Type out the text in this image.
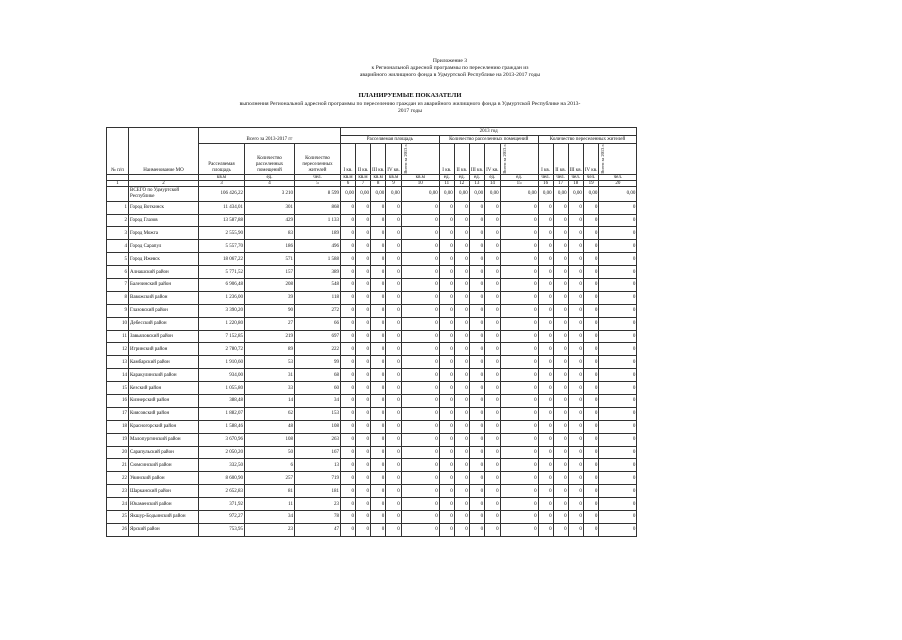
Приложение 3
к Региональной адресной программы по переселению граждан из
аварийного жилищного фонда в Удмуртской Республике на 2013-2017 годы
ПЛАНИРУЕМЫЕ ПОКАЗАТЕЛИ
выполнения Региональной адресной программы по переселению граждан из аварийного жилищного фонда в Удмуртской Республике на 2013-
2017 годы
№ п/п	Наименование МО	Всего за 2013-2017 гг			2013 год														
					Расселяемая площадь					Количество расселенных помещений					Количество переселенных жителей				
		Расселяемая площадь	Количество расселенных помещений	Количество переселенных жителей	I кв.	II кв.	III кв.	IV кв.	Всего за 2013 г.	I кв.	II кв.	III кв.	IV кв.	Всего за 2013 г.	I кв.	II кв.	III кв.	IV кв.	Всего за 2013 г.

		кв.м	ед.	чел.	кв.м	кв.м	кв.м	кв.м	кв.м	ед.	ед.	ед.	ед.	ед.	чел.	чел.	чел.	чел.	чел.
1	2	3	4	5	6	7	8	9	10	11	12	13	14	15	16	17	18	19	20
	ВСЕГО по Удмуртской Республике	106 426,22	3 210	8 599	0,00	0,00	0,00	0,00	0,00	0,00	0,00	0,00	0,00	0,00	0,00	0,00	0,00	0,00	0,00
1	Город Воткинск	11 434,01	301	868	0	0	0	0	0	0	0	0	0	0	0	0	0	0	0
2	Город Глазов	13 587,88	429	1 133	0	0	0	0	0	0	0	0	0	0	0	0	0	0	0
3	Город Можга	2 555,90	83	189	0	0	0	0	0	0	0	0	0	0	0	0	0	0	0
4	Город Сарапул	5 557,70	186	496	0	0	0	0	0	0	0	0	0	0	0	0	0	0	0
5	Город Ижевск	18 067,22	571	1 588	0	0	0	0	0	0	0	0	0	0	0	0	0	0	0
6	Алнашский район	5 771,52	157	389	0	0	0	0	0	0	0	0	0	0	0	0	0	0	0
7	Балезинский район	6 906,48	208	548	0	0	0	0	0	0	0	0	0	0	0	0	0	0	0
8	Вавожский район	1 236,00	39	118	0	0	0	0	0	0	0	0	0	0	0	0	0	0	0
9	Глазовский район	3 390,20	90	272	0	0	0	0	0	0	0	0	0	0	0	0	0	0	0
10	Дебесский район	1 220,80	27	66	0	0	0	0	0	0	0	0	0	0	0	0	0	0	0
11	Завьяловский район	7 152,85	219	697	0	0	0	0	0	0	0	0	0	0	0	0	0	0	0
12	Игринский район	2 780,72	89	222	0	0	0	0	0	0	0	0	0	0	0	0	0	0	0
13	Камбарский район	1 910,60	53	99	0	0	0	0	0	0	0	0	0	0	0	0	0	0	0
14	Каракулинский район	934,00	31	68	0	0	0	0	0	0	0	0	0	0	0	0	0	0	0
15	Кезский район	1 055,80	33	60	0	0	0	0	0	0	0	0	0	0	0	0	0	0	0
16	Кизнерский район	388,48	14	34	0	0	0	0	0	0	0	0	0	0	0	0	0	0	0
17	Киясовский район	1 882,07	62	153	0	0	0	0	0	0	0	0	0	0	0	0	0	0	0
18	Красногорский район	1 588,46	48	108	0	0	0	0	0	0	0	0	0	0	0	0	0	0	0
19	Малопургинский район	3 670,96	108	263	0	0	0	0	0	0	0	0	0	0	0	0	0	0	0
20	Сарапульский район	2 050,20	50	167	0	0	0	0	0	0	0	0	0	0	0	0	0	0	0
21	Сюмсинский район	332,50	6	13	0	0	0	0	0	0	0	0	0	0	0	0	0	0	0
22	Увинский район	8 600,90	257	719	0	0	0	0	0	0	0	0	0	0	0	0	0	0	0
23	Шарканский район	2 652,83	81	181	0	0	0	0	0	0	0	0	0	0	0	0	0	0	0
24	Юкаменский район	371,92	11	23	0	0	0	0	0	0	0	0	0	0	0	0	0	0	0
25	Якшур-Бодьинский район	972,27	34	78	0	0	0	0	0	0	0	0	0	0	0	0	0	0	0
26	Ярский район	753,95	23	47	0	0	0	0	0	0	0	0	0	0	0	0	0	0	0
